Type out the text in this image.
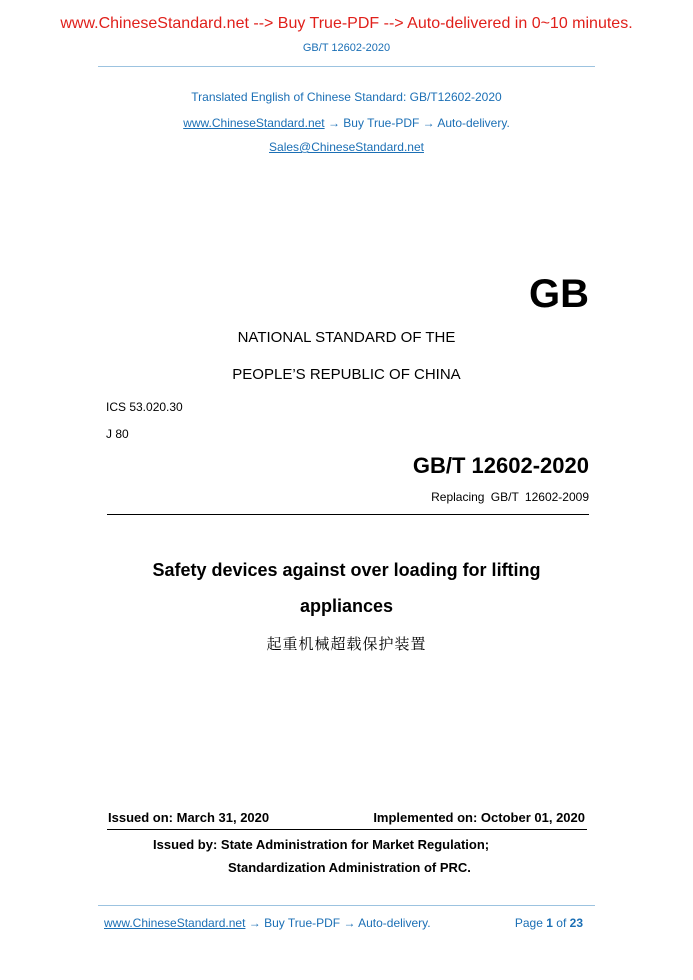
www.ChineseStandard.net --> Buy True-PDF --> Auto-delivered in 0~10 minutes.
GB/T 12602-2020
Translated English of Chinese Standard: GB/T12602-2020
www.ChineseStandard.net → Buy True-PDF → Auto-delivery.
Sales@ChineseStandard.net
GB
NATIONAL STANDARD OF THE
PEOPLE’S REPUBLIC OF CHINA
ICS 53.020.30
J 80
GB/T 12602-2020
Replacing GB/T 12602-2009
Safety devices against over loading for lifting
appliances
起重机械超载保护装置
Issued on: March 31, 2020	Implemented on: October 01, 2020
Issued by: State Administration for Market Regulation;
Standardization Administration of PRC.
www.ChineseStandard.net → Buy True-PDF → Auto-delivery.	Page 1 of 23
